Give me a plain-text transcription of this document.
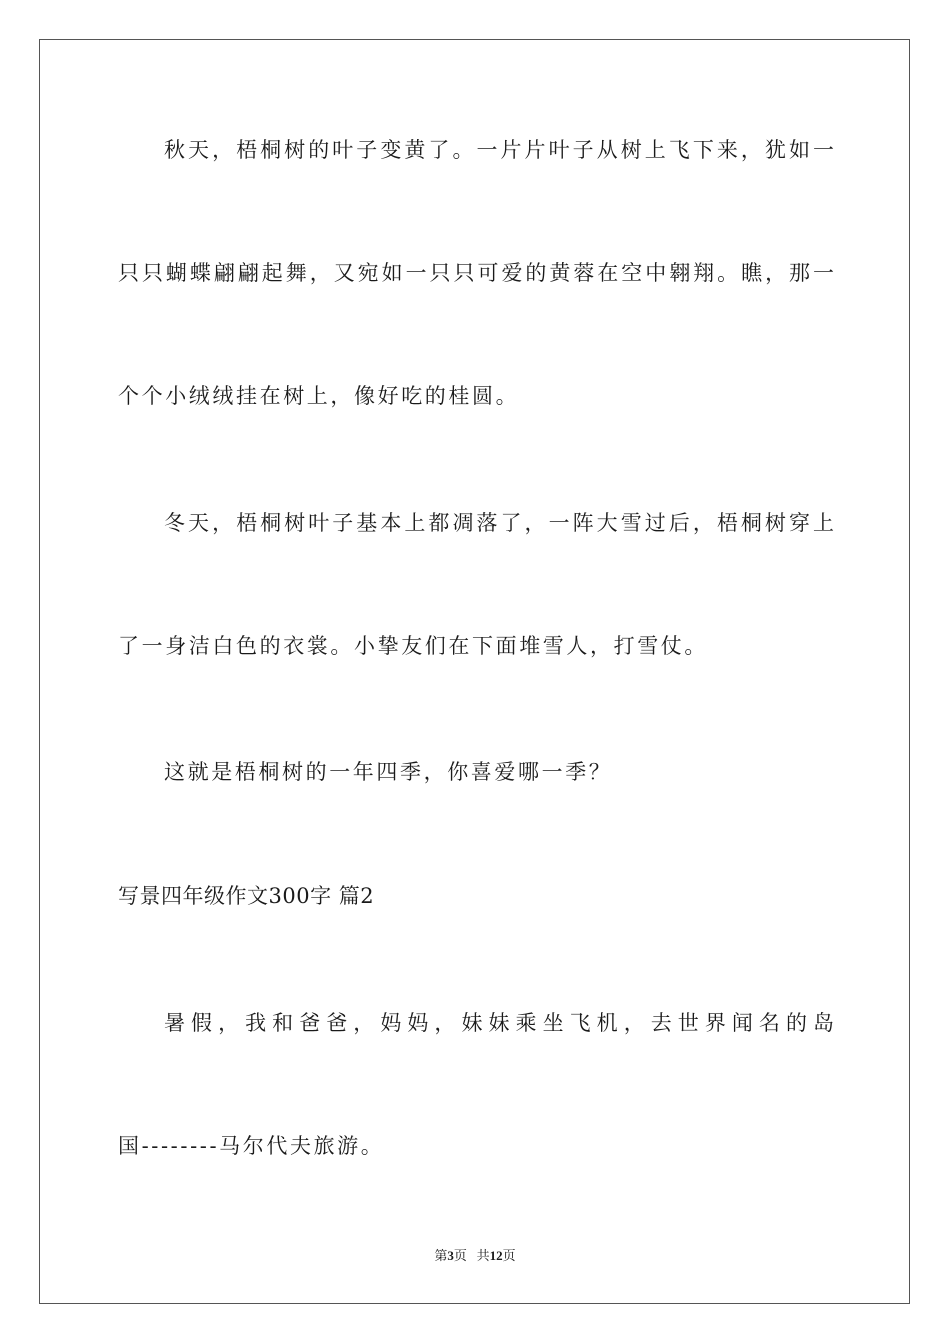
秋天，梧桐树的叶子变黄了。一片片叶子从树上飞下来，犹如一
只只蝴蝶翩翩起舞，又宛如一只只可爱的黄蓉在空中翱翔。瞧，那一
个个小绒绒挂在树上，像好吃的桂圆。
冬天，梧桐树叶子基本上都凋落了，一阵大雪过后，梧桐树穿上
了一身洁白色的衣裳。小挚友们在下面堆雪人，打雪仗。
这就是梧桐树的一年四季，你喜爱哪一季？
写景四年级作文300字 篇2
暑假，我和爸爸，妈妈，妹妹乘坐飞机，去世界闻名的岛
国--------马尔代夫旅游。
第3页 共12页
